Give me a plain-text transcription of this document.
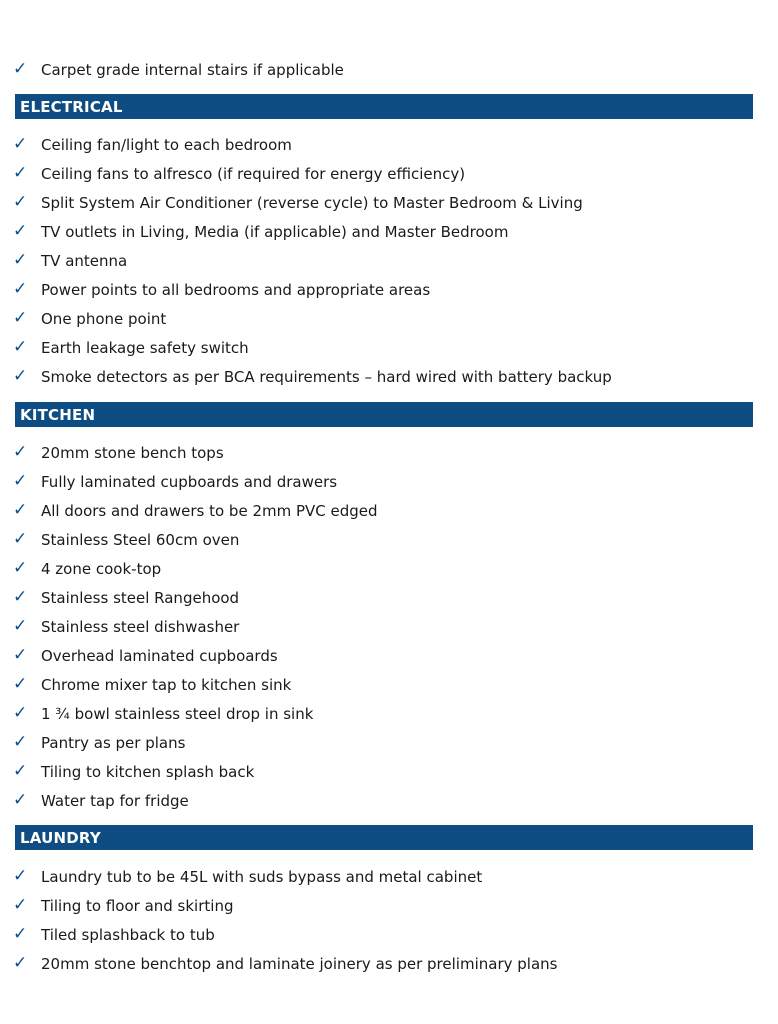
✓ Carpet grade internal stairs if applicable
ELECTRICAL
✓ Ceiling fan/light to each bedroom
✓ Ceiling fans to alfresco (if required for energy efficiency)
✓ Split System Air Conditioner (reverse cycle) to Master Bedroom & Living
✓ TV outlets in Living, Media (if applicable) and Master Bedroom
✓ TV antenna
✓ Power points to all bedrooms and appropriate areas
✓ One phone point
✓ Earth leakage safety switch
✓ Smoke detectors as per BCA requirements – hard wired with battery backup
KITCHEN
✓ 20mm stone bench tops
✓ Fully laminated cupboards and drawers
✓ All doors and drawers to be 2mm PVC edged
✓ Stainless Steel 60cm oven
✓ 4 zone cook-top
✓ Stainless steel Rangehood
✓ Stainless steel dishwasher
✓ Overhead laminated cupboards
✓ Chrome mixer tap to kitchen sink
✓ 1 ¾ bowl stainless steel drop in sink
✓ Pantry as per plans
✓ Tiling to kitchen splash back
✓ Water tap for fridge
LAUNDRY
✓ Laundry tub to be 45L with suds bypass and metal cabinet
✓ Tiling to floor and skirting
✓ Tiled splashback to tub
✓ 20mm stone benchtop and laminate joinery as per preliminary plans
